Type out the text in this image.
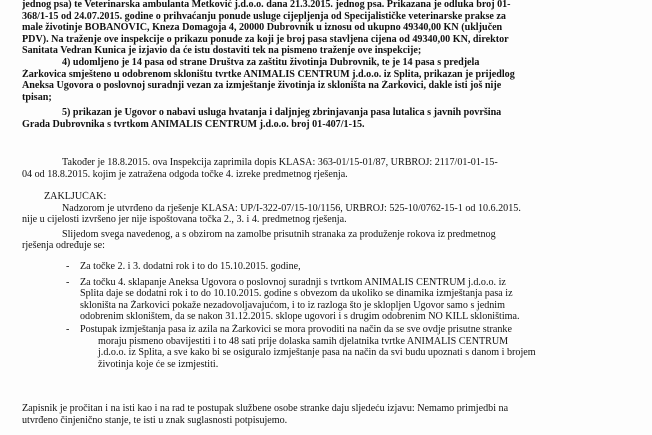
jednog psa) te Veterinarska ambulanta Metković j.d.o.o. dana 21.3.2015. jednog psa. Prikazana je odluka broj 01-
368/1-15 od 24.07.2015. godine o prihvaćanju ponude usluge cijepljenja od Specijalističke veterinarske prakse za
male životinje BOBANOVIĆ, Kneza Domagoja 4, 20000 Dubrovnik u iznosu od ukupno 49340,00 KN (uključen
PDV). Na traženje ove inspekcije o prikazu ponude za koji je broj pasa stavljena cijena od 49340,00 KN, direktor
Sanitata Vedran Kunica je izjavio da će istu dostaviti tek na pismeno traženje ove inspekcije;
4) udomljeno je 14 pasa od strane Društva za zaštitu životinja Dubrovnik, te je 14 pasa s predjela
Žarkovica smješteno u odobrenom skloništu tvrtke ANIMALIS CENTRUM j.d.o.o. iz Splita, prikazan je prijedlog
Aneksa Ugovora o poslovnoj suradnji vezan za izmještanje životinja iz skloništa na Žarkovici, dakle isti još nije
tpisan;
5) prikazan je Ugovor o nabavi usluga hvatanja i daljnjeg zbrinjavanja pasa lutalica s javnih površina
Grada Dubrovnika s tvrtkom ANIMALIS CENTRUM j.d.o.o. broj 01-407/1-15.
Također je 18.8.2015. ova Inspekcija zaprimila dopis KLASA: 363-01/15-01/87, URBROJ: 2117/01-01-15-
04 od 18.8.2015. kojim je zatražena odgoda točke 4. izreke predmetnog rješenja.
ZAKLJUČAK:
Nadzorom je utvrđeno da rješenje KLASA: UP/I-322-07/15-10/1156, URBROJ: 525-10/0762-15-1 od 10.6.2015.
nije u cijelosti izvršeno jer nije ispoštovana točka 2., 3. i 4. predmetnog rješenja.
Slijedom svega navedenog, a s obzirom na zamolbe prisutnih stranaka za produženje rokova iz predmetnog
rješenja određuje se:
-	Za točke 2. i 3. dodatni rok i to do 15.10.2015. godine,
-	Za točku 4. sklapanje Aneksa Ugovora o poslovnoj suradnji s tvrtkom ANIMALIS CENTRUM j.d.o.o. iz
Splita daje se dodatni rok i to do 10.10.2015. godine s obvezom da ukoliko se dinamika izmještanja pasa iz
skloništa na Žarkovici pokaže nezadovoljavajućom, i to iz razloga što je sklopljen Ugovor samo s jednim
odobrenim skloništem, da se nakon 31.12.2015. sklope ugovori i s drugim odobrenim NO KILL skloništima.
-	Postupak izmještanja pasa iz azila na Žarkovici se mora provoditi na način da se sve ovdje prisutne stranke
moraju pismeno obavijestiti i to 48 sati prije dolaska samih djelatnika tvrtke ANIMALIS CENTRUM
j.d.o.o. iz Splita, a sve kako bi se osiguralo izmještanje pasa na način da svi budu upoznati s danom i brojem
životinja koje će se izmjestiti.
Zapisnik je pročitan i na isti kao i na rad te postupak službene osobe stranke daju sljedeću izjavu: Nemamo primjedbi na
utvrđeno činjenično stanje, te isti u znak suglasnosti potpisujemo.
